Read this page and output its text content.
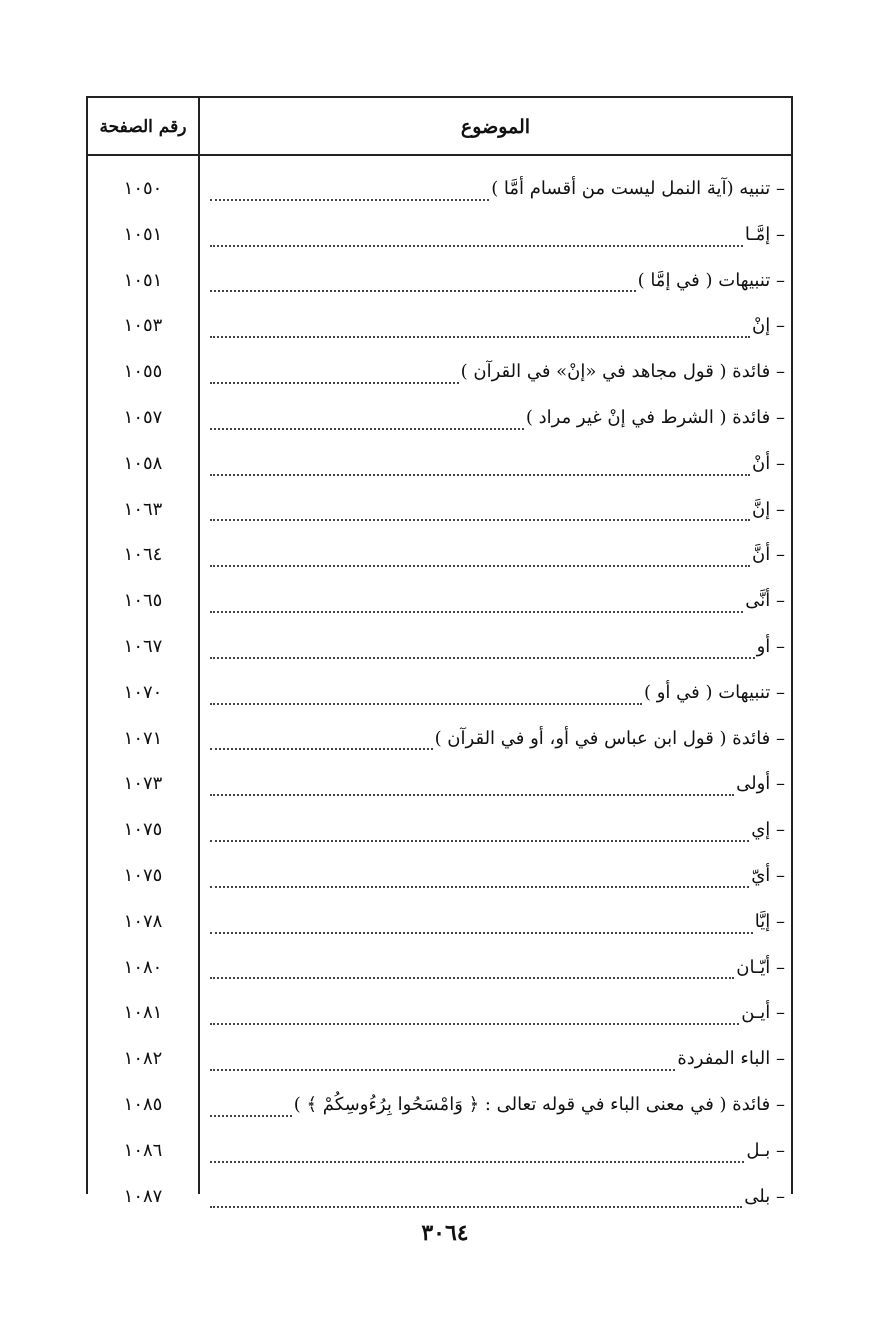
الموضوع
رقم الصفحة
– تنبيه (آية النمل ليست من أقسام أمَّا )
١٠٥٠
– إمَّـا
١٠٥١
– تنبيهات ( في إمَّا )
١٠٥١
– إنْ
١٠٥٣
– فائدة ( قول مجاهد في «إنْ» في القرآن )
١٠٥٥
– فائدة ( الشرط في إنْ غير مراد )
١٠٥٧
– أنْ
١٠٥٨
– إنَّ
١٠٦٣
– أنَّ
١٠٦٤
– أنَّى
١٠٦٥
– أو
١٠٦٧
– تنبيهات ( في أو )
١٠٧٠
– فائدة ( قول ابن عباس في أو، أو في القرآن )
١٠٧١
– أولى
١٠٧٣
– إي
١٠٧٥
– أيّ
١٠٧٥
– إيَّا
١٠٧٨
– أيّـان
١٠٨٠
– أيـن
١٠٨١
– الباء المفردة
١٠٨٢
– فائدة ( في معنى الباء في قوله تعالى : ﴿ وَامْسَحُوا بِرُءُوسِكُمْ ﴾ )
١٠٨٥
– بـل
١٠٨٦
– بلى
١٠٨٧
٣٠٦٤
